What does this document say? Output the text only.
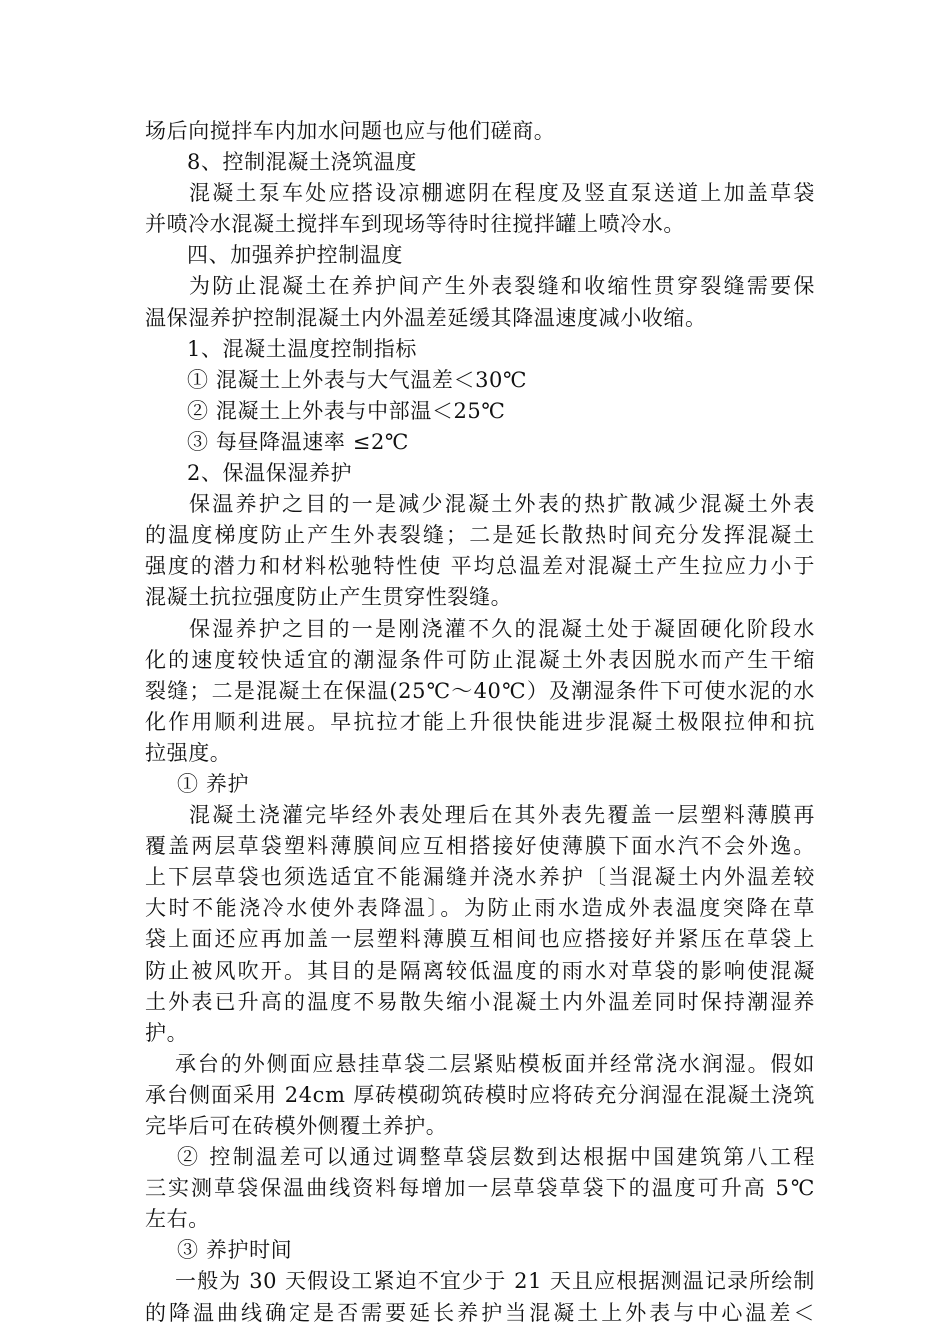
场后向搅拌车内加水问题也应与他们磋商。
8、控制混凝土浇筑温度
混凝土泵车处应搭设凉棚遮阴在程度及竖直泵送道上加盖草袋
并喷冷水混凝土搅拌车到现场等待时往搅拌罐上喷冷水。
四、加强养护控制温度
为防止混凝土在养护间产生外表裂缝和收缩性贯穿裂缝需要保
温保湿养护控制混凝土内外温差延缓其降温速度减小收缩。
1、混凝土温度控制指标
① 混凝土上外表与大气温差＜30℃
② 混凝土上外表与中部温＜25℃
③ 每昼降温速率 ≤2℃
2、保温保湿养护
保温养护之目的一是减少混凝土外表的热扩散减少混凝土外表
的温度梯度防止产生外表裂缝；二是延长散热时间充分发挥混凝土
强度的潜力和材料松驰特性使 平均总温差对混凝土产生拉应力小于
混凝土抗拉强度防止产生贯穿性裂缝。
保湿养护之目的一是刚浇灌不久的混凝土处于凝固硬化阶段水
化的速度较快适宜的潮湿条件可防止混凝土外表因脱水而产生干缩
裂缝；二是混凝土在保温(25℃～40℃）及潮湿条件下可使水泥的水
化作用顺利进展。早抗拉才能上升很快能进步混凝土极限拉伸和抗
拉强度。
① 养护
混凝土浇灌完毕经外表处理后在其外表先覆盖一层塑料薄膜再
覆盖两层草袋塑料薄膜间应互相搭接好使薄膜下面水汽不会外逸。
上下层草袋也须选适宜不能漏缝并浇水养护〔当混凝土内外温差较
大时不能浇冷水使外表降温〕。为防止雨水造成外表温度突降在草
袋上面还应再加盖一层塑料薄膜互相间也应搭接好并紧压在草袋上
防止被风吹开。其目的是隔离较低温度的雨水对草袋的影响使混凝
土外表已升高的温度不易散失缩小混凝土内外温差同时保持潮湿养
护。
承台的外侧面应悬挂草袋二层紧贴模板面并经常浇水润湿。假如
承台侧面采用 24cm 厚砖模砌筑砖模时应将砖充分润湿在混凝土浇筑
完毕后可在砖模外侧覆土养护。
② 控制温差可以通过调整草袋层数到达根据中国建筑第八工程
三实测草袋保温曲线资料每增加一层草袋草袋下的温度可升高 5℃
左右。
③ 养护时间
一般为 30 天假设工紧迫不宜少于 21 天且应根据测温记录所绘制
的降温曲线确定是否需要延长养护当混凝土上外表与中心温差＜
